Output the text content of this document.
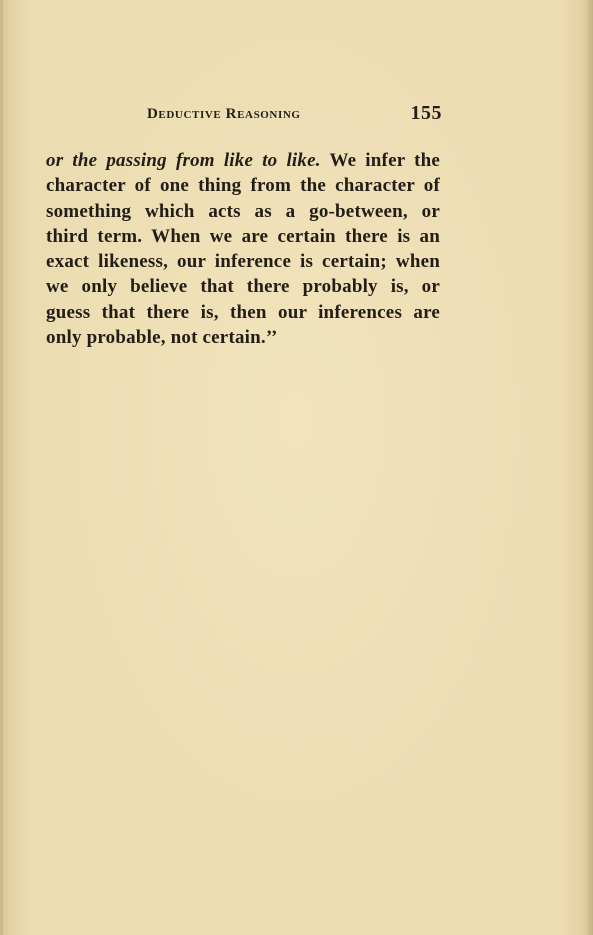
Deductive Reasoning	155
or the passing from like to like. We infer the
character of one thing from the character of
something which acts as a go-between, or
third term. When we are certain there is an
exact likeness, our inference is certain; when
we only believe that there probably is, or
guess that there is, then our inferences are
only probable, not certain.’’
